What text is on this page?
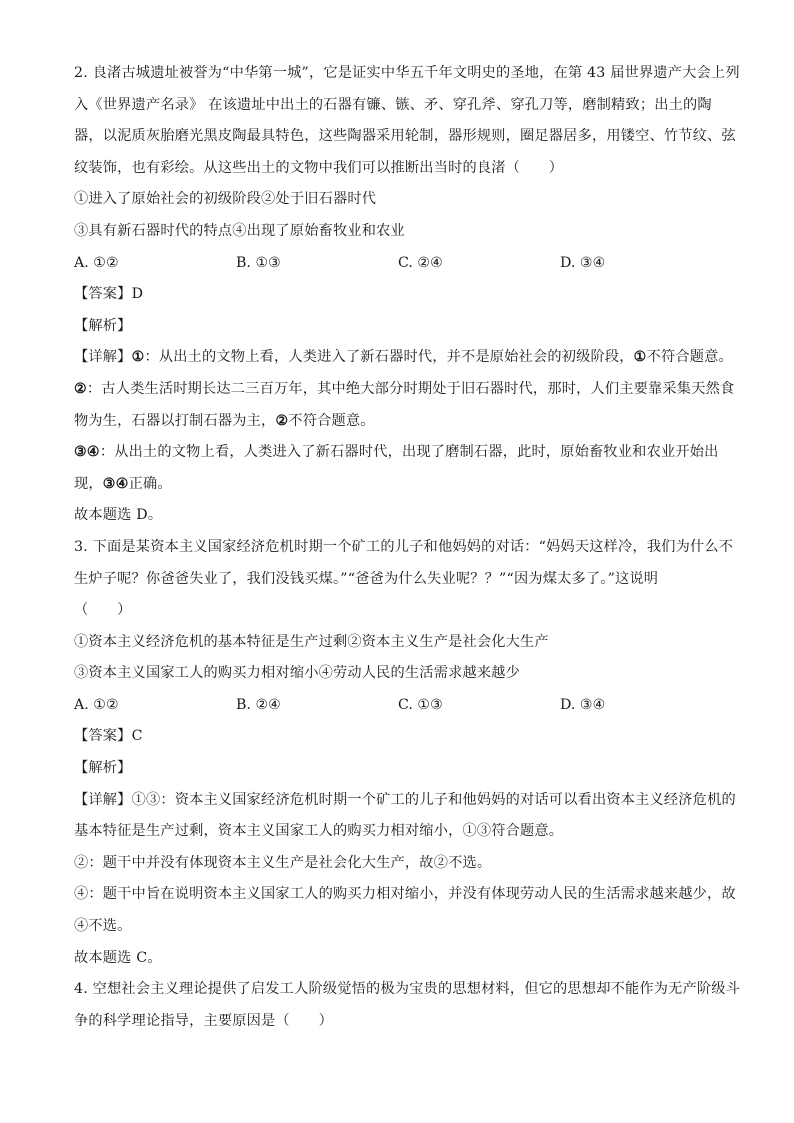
2. 良渚古城遗址被誉为“中华第一城”，它是证实中华五千年文明史的圣地，在第 43 届世界遗产大会上列
入《世界遗产名录》 在该遗址中出土的石器有镰、镞、矛、穿孔斧、穿孔刀等，磨制精致；出土的陶
器，以泥质灰胎磨光黑皮陶最具特色，这些陶器采用轮制，器形规则，圈足器居多，用镂空、竹节纹、弦
纹装饰，也有彩绘。从这些出土的文物中我们可以推断出当时的良渚（　　）
①进入了原始社会的初级阶段②处于旧石器时代
③具有新石器时代的特点④出现了原始畜牧业和农业
A. ①②	B. ①③	C. ②④	D. ③④
【答案】D
【解析】
【详解】①：从出土的文物上看，人类进入了新石器时代，并不是原始社会的初级阶段，①不符合题意。
②：古人类生活时期长达二三百万年，其中绝大部分时期处于旧石器时代，那时，人们主要靠采集天然食
物为生，石器以打制石器为主，②不符合题意。
③④：从出土的文物上看，人类进入了新石器时代，出现了磨制石器，此时，原始畜牧业和农业开始出
现，③④正确。
故本题选 D。
3. 下面是某资本主义国家经济危机时期一个矿工的儿子和他妈妈的对话：“妈妈天这样冷，我们为什么不
生炉子呢？你爸爸失业了，我们没钱买煤。”“爸爸为什么失业呢？？”“因为煤太多了。”这说明
（　　）
①资本主义经济危机的基本特征是生产过剩②资本主义生产是社会化大生产
③资本主义国家工人的购买力相对缩小④劳动人民的生活需求越来越少
A. ①②	B. ②④	C. ①③	D. ③④
【答案】C
【解析】
【详解】①③：资本主义国家经济危机时期一个矿工的儿子和他妈妈的对话可以看出资本主义经济危机的
基本特征是生产过剩，资本主义国家工人的购买力相对缩小，①③符合题意。
②：题干中并没有体现资本主义生产是社会化大生产，故②不选。
④：题干中旨在说明资本主义国家工人的购买力相对缩小，并没有体现劳动人民的生活需求越来越少，故
④不选。
故本题选 C。
4. 空想社会主义理论提供了启发工人阶级觉悟的极为宝贵的思想材料，但它的思想却不能作为无产阶级斗
争的科学理论指导，主要原因是（　　）
